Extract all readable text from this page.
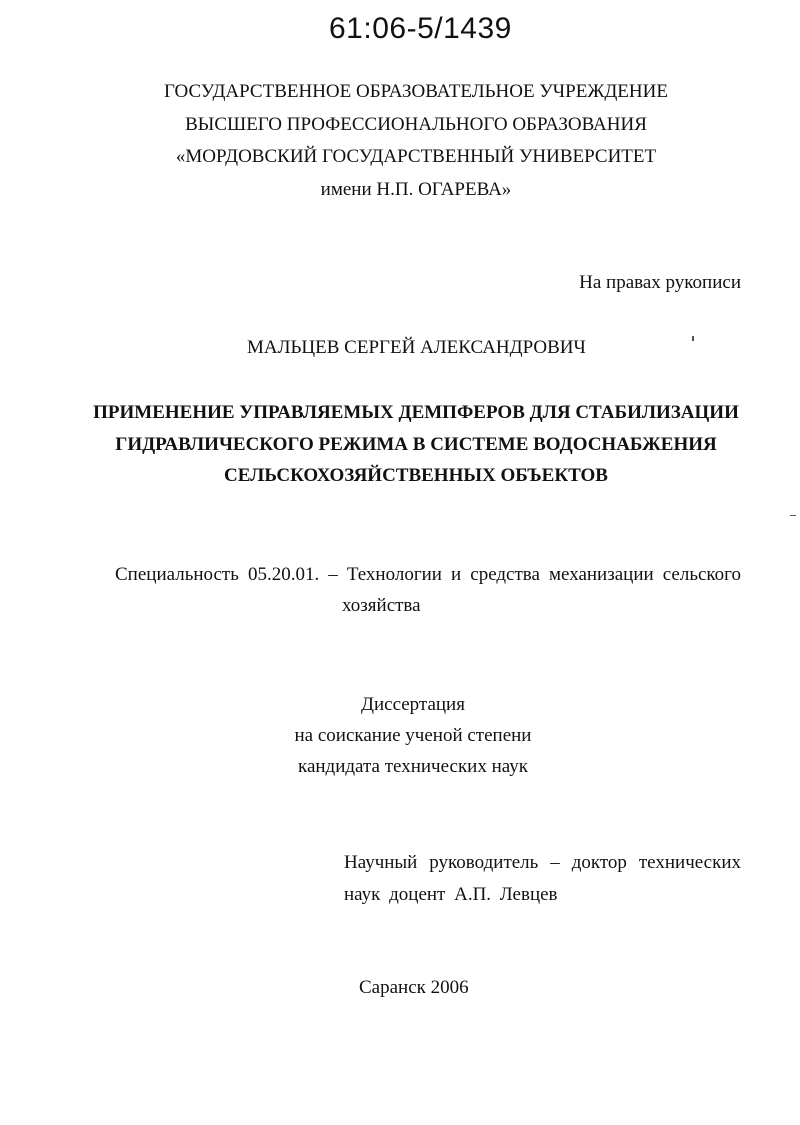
61:06-5/1439
ГОСУДАРСТВЕННОЕ ОБРАЗОВАТЕЛЬНОЕ УЧРЕЖДЕНИЕ
ВЫСШЕГО ПРОФЕССИОНАЛЬНОГО ОБРАЗОВАНИЯ
«МОРДОВСКИЙ ГОСУДАРСТВЕННЫЙ УНИВЕРСИТЕТ
имени Н.П. ОГАРЕВА»
На правах рукописи
МАЛЬЦЕВ СЕРГЕЙ АЛЕКСАНДРОВИЧ
ПРИМЕНЕНИЕ УПРАВЛЯЕМЫХ ДЕМПФЕРОВ ДЛЯ СТАБИЛИЗАЦИИ
ГИДРАВЛИЧЕСКОГО РЕЖИМА В СИСТЕМЕ ВОДОСНАБЖЕНИЯ
СЕЛЬСКОХОЗЯЙСТВЕННЫХ ОБЪЕКТОВ
Специальность 05.20.01. – Технологии и средства механизации сельского
хозяйства
Диссертация
на соискание ученой степени
кандидата технических наук
Научный руководитель – доктор технических
наук доцент А.П. Левцев
Саранск 2006
